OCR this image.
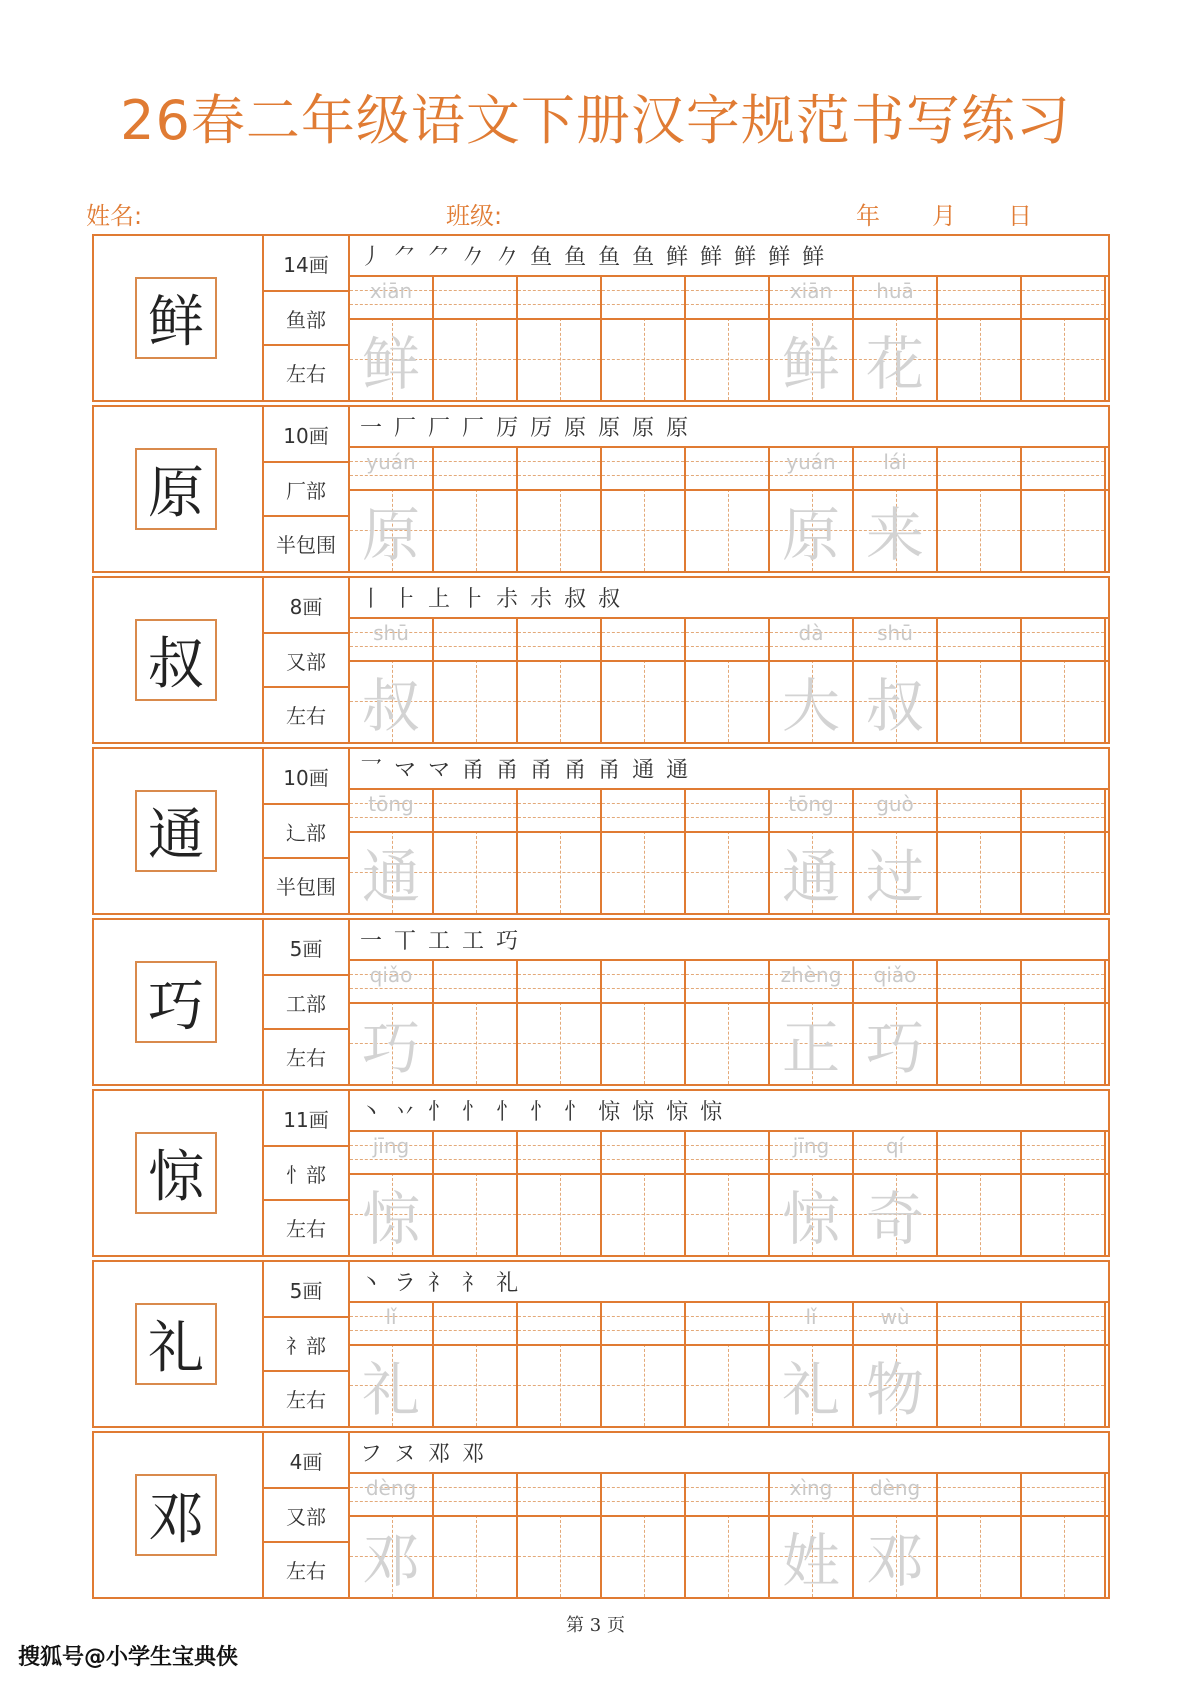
26春二年级语文下册汉字规范书写练习
姓名:	班级:	年 月 日
鲜
14画
鱼部
左右
丿 ⺈ ⺈ 𠂊 𠂊 鱼 鱼 鱼 鱼 鲜 鲜 鲜 鲜 鲜
xiān
鲜
xiān
鲜
huā
花
原
10画
厂部
半包围
一 厂 厂 厂 厉 厉 原 原 原 原
yuán
原
yuán
原
lái
来
叔
8画
又部
左右
丨 ⺊ 上 ⺊ 尗 尗 叔 叔
shū
叔
dà
大
shū
叔
通
10画
辶部
半包围
乛 マ マ 甬 甬 甬 甬 甬 通 通
tōng
通
tōng
通
guò
过
巧
5画
工部
左右
一 丅 工 工 巧
qiǎo
巧
zhèng
正
qiǎo
巧
惊
11画
忄部
左右
丶 丷 忄 忄 忄 忄 忄 惊 惊 惊 惊
jīng
惊
jīng
惊
qí
奇
礼
5画
礻部
左右
丶 ラ 礻 礻 礼
lǐ
礼
lǐ
礼
wù
物
邓
4画
又部
左右
フ ヌ 邓 邓
dèng
邓
xìng
姓
dèng
邓
第 3 页
搜狐号@小学生宝典侠
